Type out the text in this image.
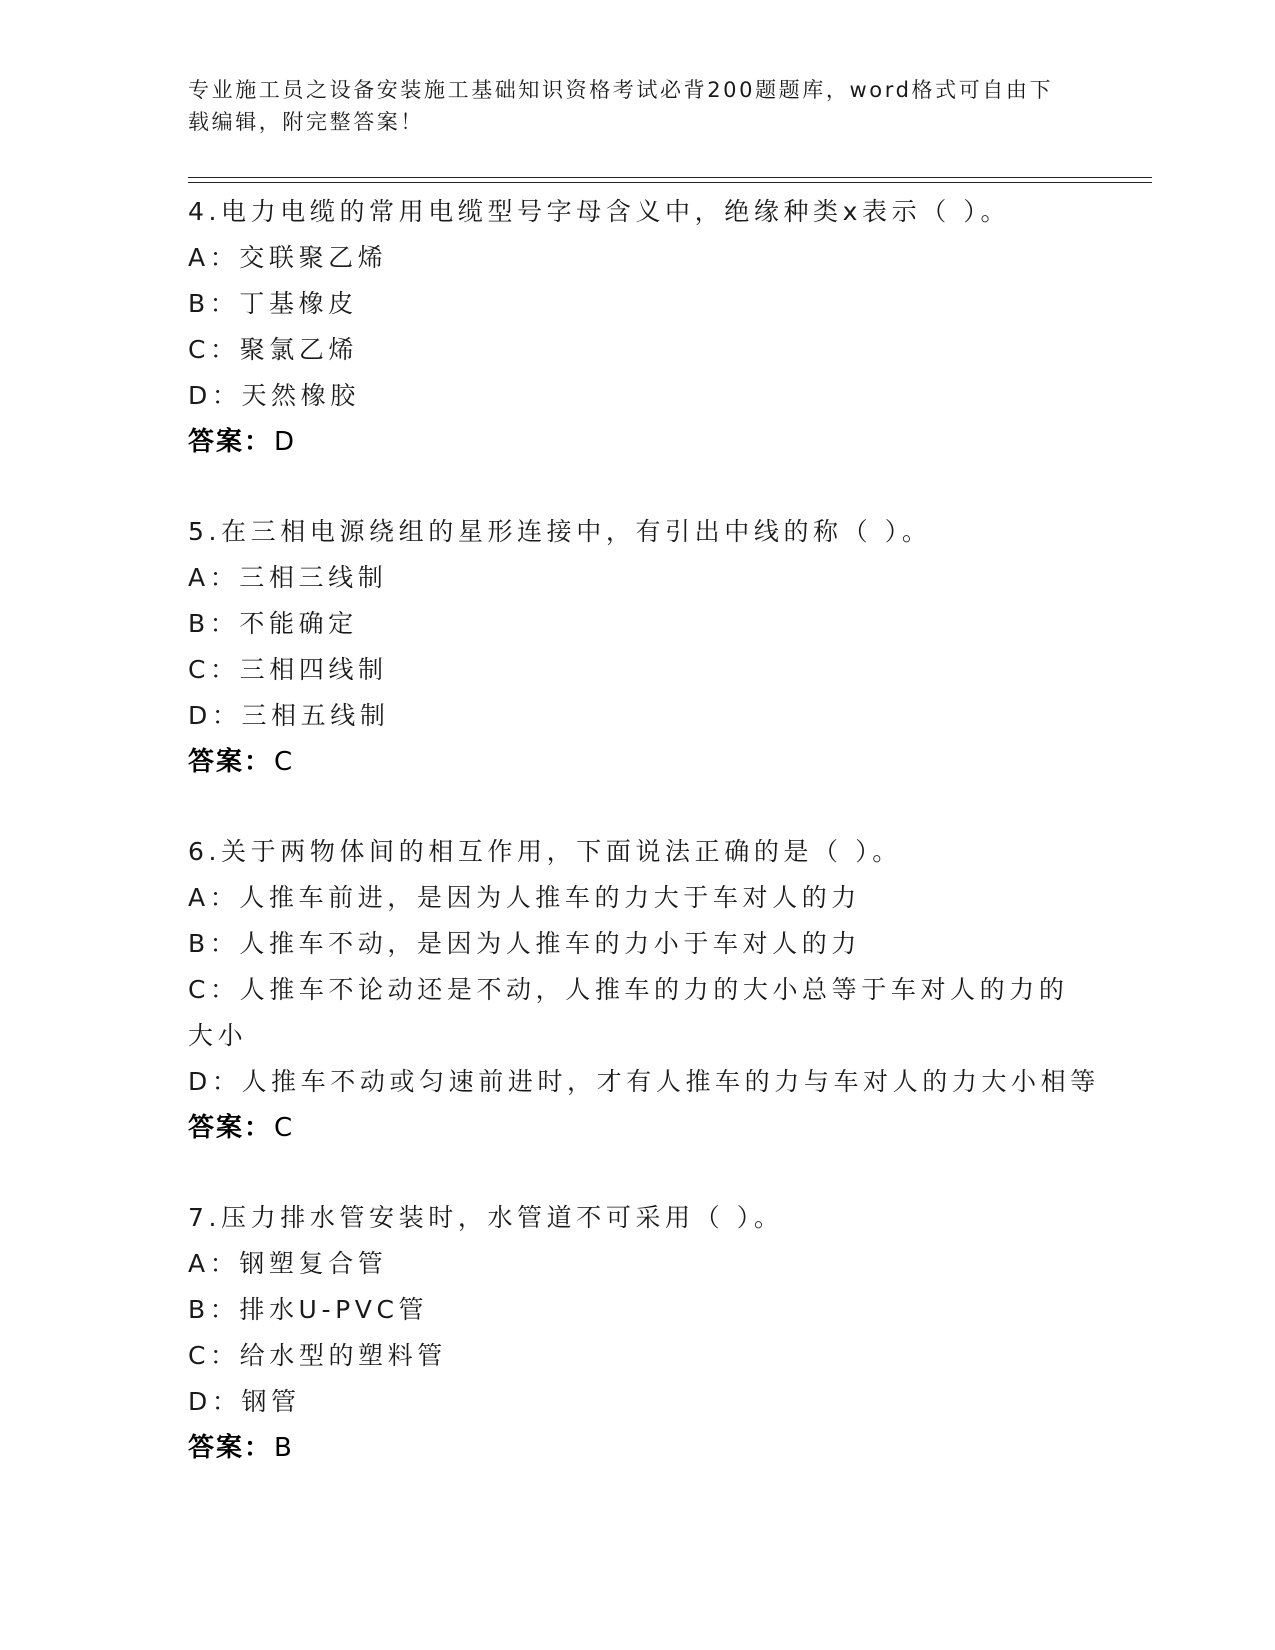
专业施工员之设备安装施工基础知识资格考试必背200题题库，word格式可自由下载编辑，附完整答案！
4.电力电缆的常用电缆型号字母含义中，绝缘种类x表示（ ）。
A：交联聚乙烯
B：丁基橡皮
C：聚氯乙烯
D：天然橡胶
答案：D
5.在三相电源绕组的星形连接中，有引出中线的称（ ）。
A：三相三线制
B：不能确定
C：三相四线制
D：三相五线制
答案：C
6.关于两物体间的相互作用，下面说法正确的是（ ）。
A：人推车前进，是因为人推车的力大于车对人的力
B：人推车不动，是因为人推车的力小于车对人的力
C：人推车不论动还是不动，人推车的力的大小总等于车对人的力的大小
D：人推车不动或匀速前进时，才有人推车的力与车对人的力大小相等
答案：C
7.压力排水管安装时，水管道不可采用（ ）。
A：钢塑复合管
B：排水U-PVC管
C：给水型的塑料管
D：钢管
答案：B
